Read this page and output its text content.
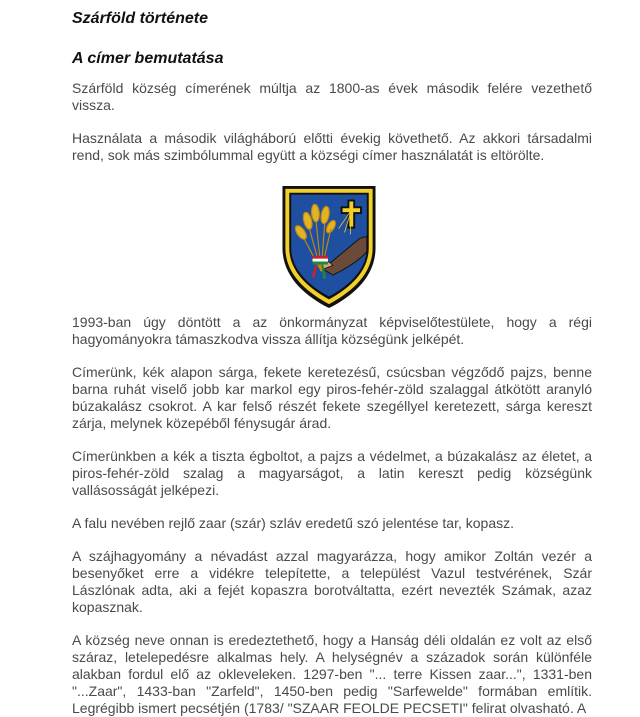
Szárföld története
A címer bemutatása

Szárföld község címerének múltja az 1800-as évek második felére vezethető vissza.

Használata a második világháború előtti évekig követhető. Az akkori társadalmi rend, sok más szimbólummal együtt a községi címer használatát is eltörölte.

1993-ban úgy döntött a az önkormányzat képviselőtestülete, hogy a régi hagyományokra támaszkodva vissza állítja községünk jelképét.

Címerünk, kék alapon sárga, fekete keretezésű, csúcsban végződő pajzs, benne barna ruhát viselő jobb kar markol egy piros-fehér-zöld szalaggal átkötött aranyló búzakalász csokrot. A kar felső részét fekete szegéllyel keretezett, sárga kereszt zárja, melynek közepéből fénysugár árad.

Címerünkben a kék a tiszta égboltot, a pajzs a védelmet, a búzakalász az életet, a piros-fehér-zöld szalag a magyarságot, a latin kereszt pedig községünk vallásosságát jelképezi.

A falu nevében rejlő zaar (szár) szláv eredetű szó jelentése tar, kopasz.

A szájhagyomány a névadást azzal magyarázza, hogy amikor Zoltán vezér a besenyőket erre a vidékre telepítette, a települést Vazul testvérének, Szár Lászlónak adta, aki a fejét kopaszra borotváltatta, ezért nevezték Számak, azaz kopasznak.

A község neve onnan is eredeztethető, hogy a Hanság déli oldalán ez volt az első száraz, letelepedésre alkalmas hely. A helységnév a századok során különféle alakban fordul elő az okleveleken. 1297-ben "... terre Kissen zaar...", 1331-ben "...Zaar", 1433-ban "Zarfeld", 1450-ben pedig "Sarfewelde" formában említik. Legrégibb ismert pecsétjén (1783/ "SZAAR FEOLDE PECSETI" felirat olvasható. A
